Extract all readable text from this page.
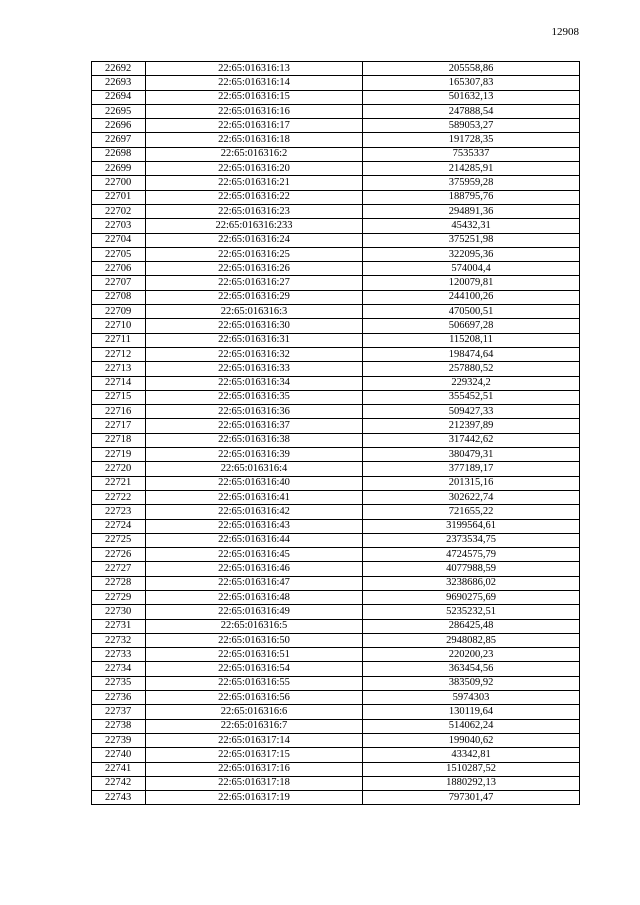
12908
22692	22:65:016316:13	205558,86
22693	22:65:016316:14	165307,83
22694	22:65:016316:15	501632,13
22695	22:65:016316:16	247888,54
22696	22:65:016316:17	589053,27
22697	22:65:016316:18	191728,35
22698	22:65:016316:2	7535337
22699	22:65:016316:20	214285,91
22700	22:65:016316:21	375959,28
22701	22:65:016316:22	188795,76
22702	22:65:016316:23	294891,36
22703	22:65:016316:233	45432,31
22704	22:65:016316:24	375251,98
22705	22:65:016316:25	322095,36
22706	22:65:016316:26	574004,4
22707	22:65:016316:27	120079,81
22708	22:65:016316:29	244100,26
22709	22:65:016316:3	470500,51
22710	22:65:016316:30	506697,28
22711	22:65:016316:31	115208,11
22712	22:65:016316:32	198474,64
22713	22:65:016316:33	257880,52
22714	22:65:016316:34	229324,2
22715	22:65:016316:35	355452,51
22716	22:65:016316:36	509427,33
22717	22:65:016316:37	212397,89
22718	22:65:016316:38	317442,62
22719	22:65:016316:39	380479,31
22720	22:65:016316:4	377189,17
22721	22:65:016316:40	201315,16
22722	22:65:016316:41	302622,74
22723	22:65:016316:42	721655,22
22724	22:65:016316:43	3199564,61
22725	22:65:016316:44	2373534,75
22726	22:65:016316:45	4724575,79
22727	22:65:016316:46	4077988,59
22728	22:65:016316:47	3238686,02
22729	22:65:016316:48	9690275,69
22730	22:65:016316:49	5235232,51
22731	22:65:016316:5	286425,48
22732	22:65:016316:50	2948082,85
22733	22:65:016316:51	220200,23
22734	22:65:016316:54	363454,56
22735	22:65:016316:55	383509,92
22736	22:65:016316:56	5974303
22737	22:65:016316:6	130119,64
22738	22:65:016316:7	514062,24
22739	22:65:016317:14	199040,62
22740	22:65:016317:15	43342,81
22741	22:65:016317:16	1510287,52
22742	22:65:016317:18	1880292,13
22743	22:65:016317:19	797301,47
